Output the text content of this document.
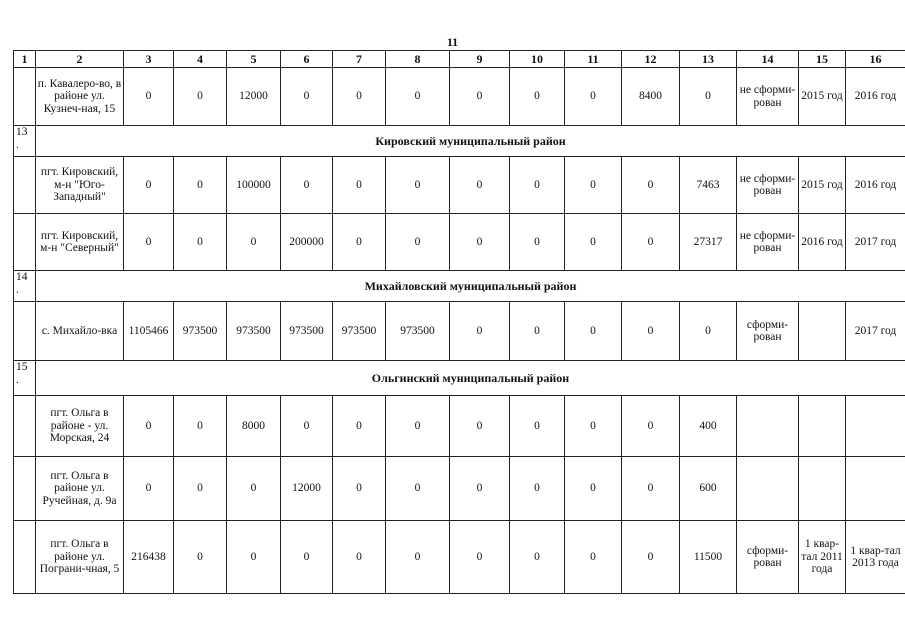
11
1	2	3	4	5	6	7	8	9	10	11	12	13	14	15	16
	п. Кавалеро-во, в районе ул. Кузнеч-ная, 15	0	0	12000	0	0	0	0	0	0	8400	0	не сформи-рован	2015 год	2016 год
13
.	Кировский муниципальный район														
	пгт. Кировский, м-н "Юго-Западный"	0	0	100000	0	0	0	0	0	0	0	7463	не сформи-рован	2015 год	2016 год
	пгт. Кировский, м-н "Северный"	0	0	0	200000	0	0	0	0	0	0	27317	не сформи-рован	2016 год	2017 год
14
.	Михайловский муниципальный район														
	с. Михайло-вка	1105466	973500	973500	973500	973500	973500	0	0	0	0	0	сформи-рован		2017 год
15
.	Ольгинский муниципальный район														
	пгт. Ольга в районе - ул. Морская, 24	0	0	8000	0	0	0	0	0	0	0	400			
	пгт. Ольга в районе ул. Ручейная, д. 9а	0	0	0	12000	0	0	0	0	0	0	600			
	пгт. Ольга в районе ул. Пограни-чная, 5	216438	0	0	0	0	0	0	0	0	0	11500	сформи-рован	1 квар-тал 2011 года	1 квар-тал 2013 года
